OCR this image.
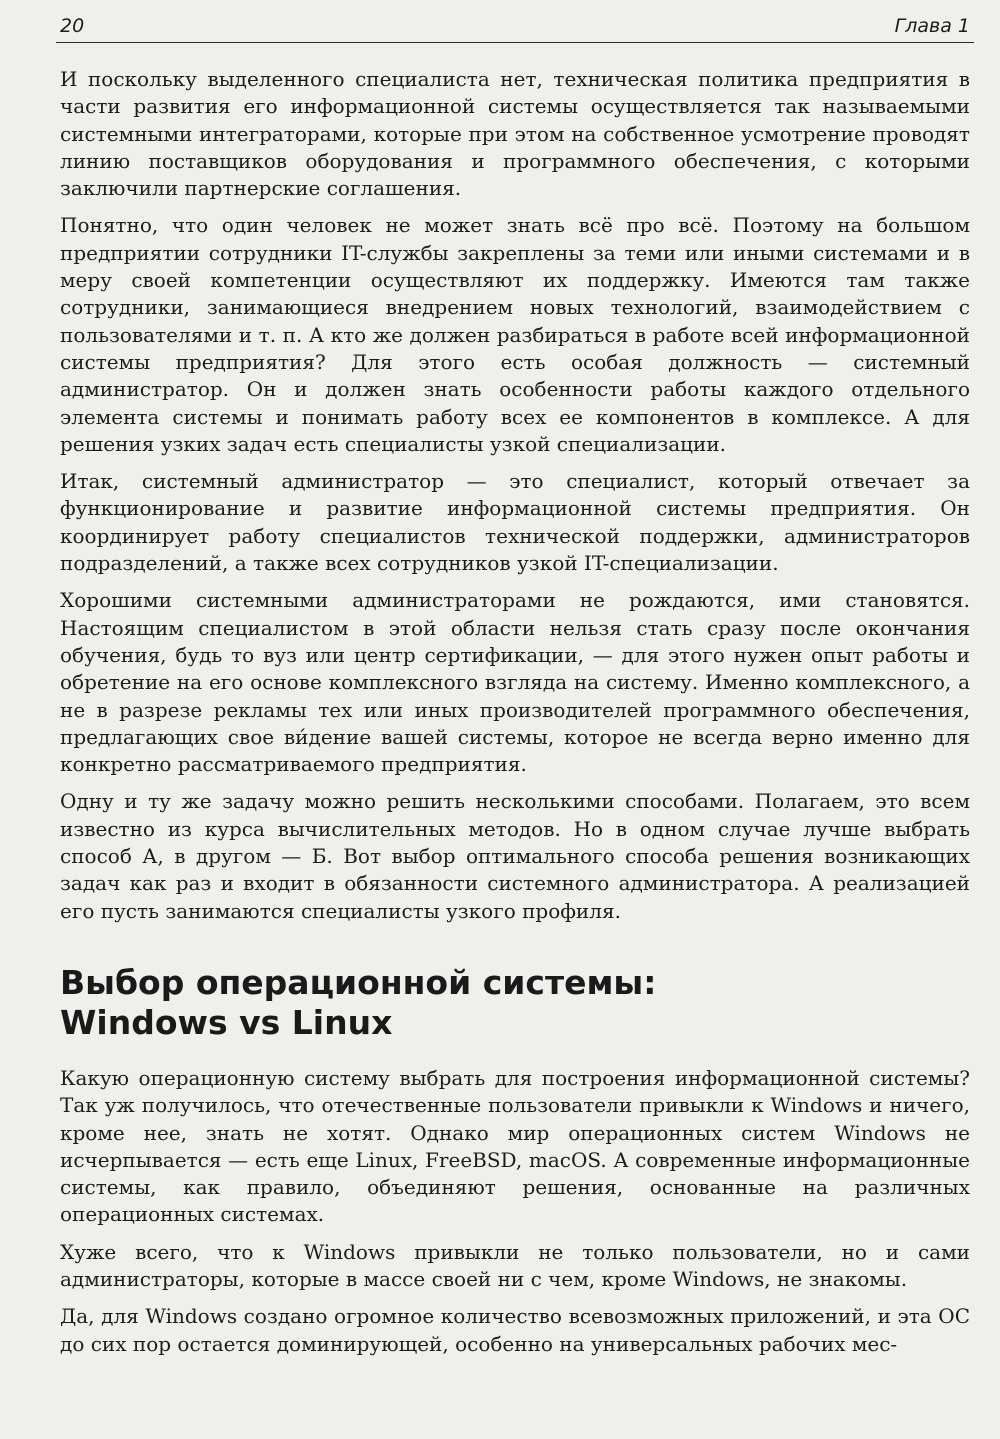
20	Глава 1

И поскольку выделенного специалиста нет, техническая политика предприятия в части развития его информационной системы осуществляется так называемыми системными интеграторами, которые при этом на собственное усмотрение проводят линию поставщиков оборудования и программного обеспечения, с которыми заключили партнерские соглашения.

Понятно, что один человек не может знать всё про всё. Поэтому на большом предприятии сотрудники IT-службы закреплены за теми или иными системами и в меру своей компетенции осуществляют их поддержку. Имеются там также сотрудники, занимающиеся внедрением новых технологий, взаимодействием с пользователями и т. п. А кто же должен разбираться в работе всей информационной системы предприятия? Для этого есть особая должность — системный администратор. Он и должен знать особенности работы каждого отдельного элемента системы и понимать работу всех ее компонентов в комплексе. А для решения узких задач есть специалисты узкой специализации.

Итак, системный администратор — это специалист, который отвечает за функционирование и развитие информационной системы предприятия. Он координирует работу специалистов технической поддержки, администраторов подразделений, а также всех сотрудников узкой IT-специализации.

Хорошими системными администраторами не рождаются, ими становятся. Настоящим специалистом в этой области нельзя стать сразу после окончания обучения, будь то вуз или центр сертификации, — для этого нужен опыт работы и обретение на его основе комплексного взгляда на систему. Именно комплексного, а не в разрезе рекламы тех или иных производителей программного обеспечения, предлагающих свое ви́дение вашей системы, которое не всегда верно именно для конкретно рассматриваемого предприятия.

Одну и ту же задачу можно решить несколькими способами. Полагаем, это всем известно из курса вычислительных методов. Но в одном случае лучше выбрать способ А, в другом — Б. Вот выбор оптимального способа решения возникающих задач как раз и входит в обязанности системного администратора. А реализацией его пусть занимаются специалисты узкого профиля.

Выбор операционной системы:
Windows vs Linux

Какую операционную систему выбрать для построения информационной системы? Так уж получилось, что отечественные пользователи привыкли к Windows и ничего, кроме нее, знать не хотят. Однако мир операционных систем Windows не исчерпывается — есть еще Linux, FreeBSD, macOS. А современные информационные системы, как правило, объединяют решения, основанные на различных операционных системах.

Хуже всего, что к Windows привыкли не только пользователи, но и сами администраторы, которые в массе своей ни с чем, кроме Windows, не знакомы.

Да, для Windows создано огромное количество всевозможных приложений, и эта ОС до сих пор остается доминирующей, особенно на универсальных рабочих мес-
